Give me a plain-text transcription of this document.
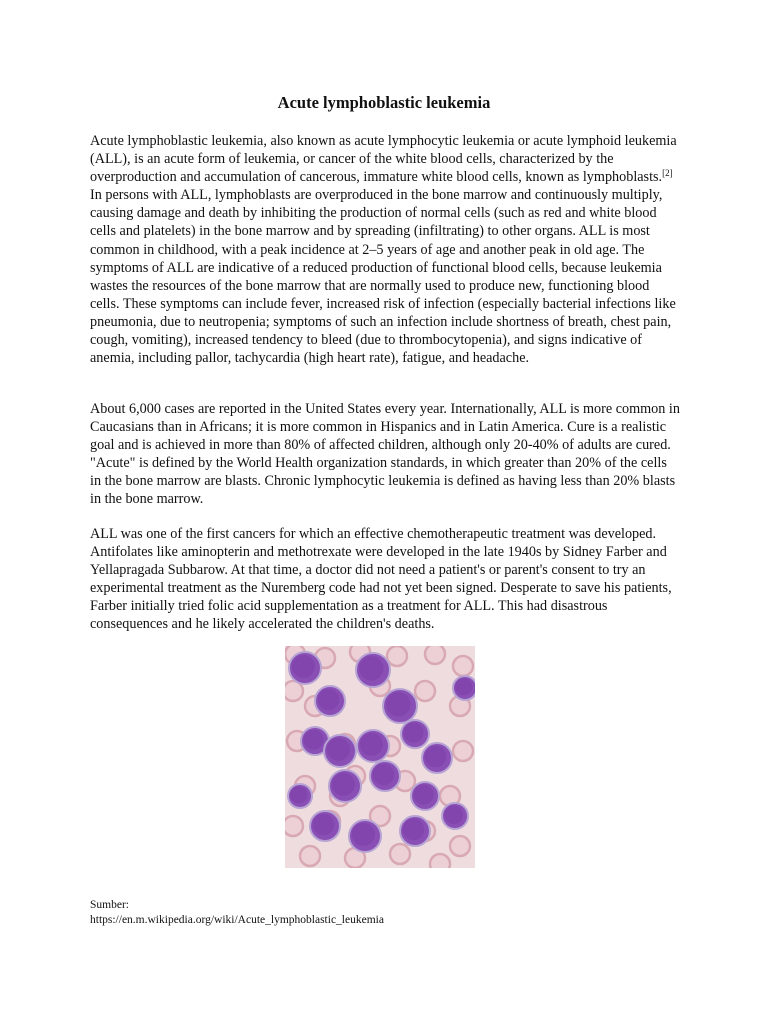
Acute lymphoblastic leukemia

Acute lymphoblastic leukemia, also known as acute lymphocytic leukemia or acute lymphoid leukemia (ALL), is an acute form of leukemia, or cancer of the white blood cells, characterized by the overproduction and accumulation of cancerous, immature white blood cells, known as lymphoblasts.[2] In persons with ALL, lymphoblasts are overproduced in the bone marrow and continuously multiply, causing damage and death by inhibiting the production of normal cells (such as red and white blood cells and platelets) in the bone marrow and by spreading (infiltrating) to other organs. ALL is most common in childhood, with a peak incidence at 2–5 years of age and another peak in old age. The symptoms of ALL are indicative of a reduced production of functional blood cells, because leukemia wastes the resources of the bone marrow that are normally used to produce new, functioning blood cells. These symptoms can include fever, increased risk of infection (especially bacterial infections like pneumonia, due to neutropenia; symptoms of such an infection include shortness of breath, chest pain, cough, vomiting), increased tendency to bleed (due to thrombocytopenia), and signs indicative of anemia, including pallor, tachycardia (high heart rate), fatigue, and headache.

About 6,000 cases are reported in the United States every year. Internationally, ALL is more common in Caucasians than in Africans; it is more common in Hispanics and in Latin America. Cure is a realistic goal and is achieved in more than 80% of affected children, although only 20-40% of adults are cured. "Acute" is defined by the World Health organization standards, in which greater than 20% of the cells in the bone marrow are blasts. Chronic lymphocytic leukemia is defined as having less than 20% blasts in the bone marrow.

ALL was one of the first cancers for which an effective chemotherapeutic treatment was developed. Antifolates like aminopterin and methotrexate were developed in the late 1940s by Sidney Farber and Yellapragada Subbarow. At that time, a doctor did not need a patient's or parent's consent to try an experimental treatment as the Nuremberg code had not yet been signed. Desperate to save his patients, Farber initially tried folic acid supplementation as a treatment for ALL. This had disastrous consequences and he likely accelerated the children's deaths.

Sumber:
https://en.m.wikipedia.org/wiki/Acute_lymphoblastic_leukemia
